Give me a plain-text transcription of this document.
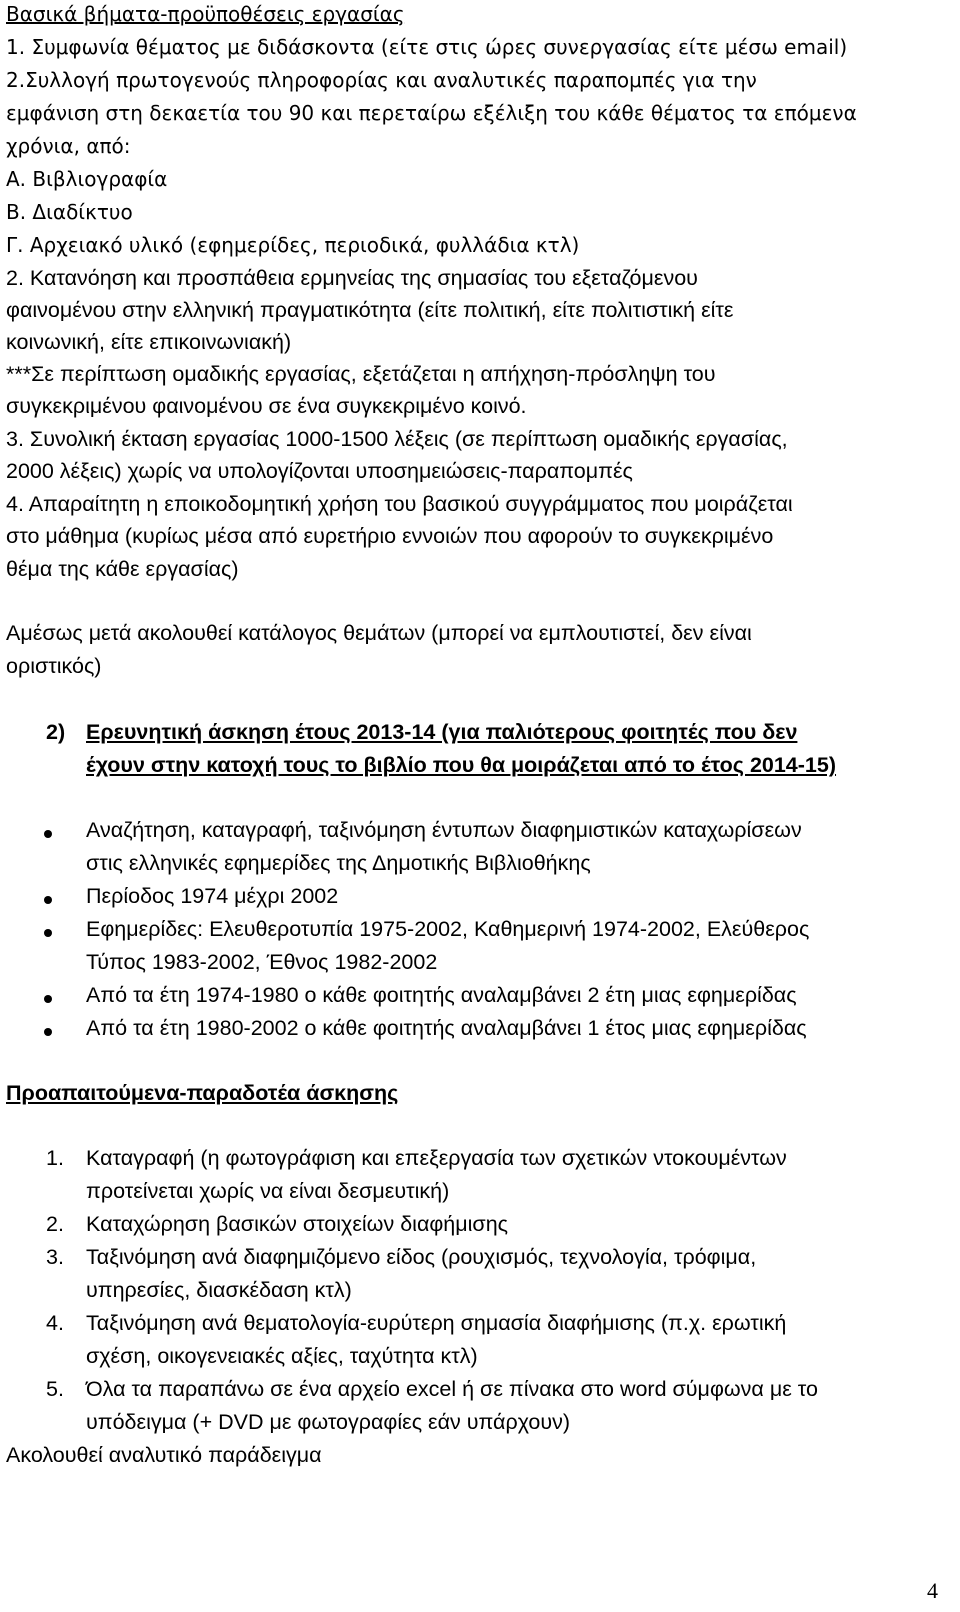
Βασικά βήματα-προϋποθέσεις εργασίας
1. Συμφωνία θέματος με διδάσκοντα (είτε στις ώρες συνεργασίας είτε μέσω email)
2.Συλλογή πρωτογενούς πληροφορίας και αναλυτικές παραπομπές για την
εμφάνιση στη δεκαετία του 90 και περεταίρω εξέλιξη του κάθε θέματος τα επόμενα
χρόνια, από:
Α. Βιβλιογραφία
Β. Διαδίκτυο
Γ. Αρχειακό υλικό (εφημερίδες, περιοδικά, φυλλάδια κτλ)
2. Κατανόηση και προσπάθεια ερμηνείας της σημασίας του εξεταζόμενου
φαινομένου στην ελληνική πραγματικότητα (είτε πολιτική, είτε πολιτιστική είτε
κοινωνική, είτε επικοινωνιακή)
***Σε περίπτωση ομαδικής εργασίας, εξετάζεται η απήχηση-πρόσληψη του
συγκεκριμένου φαινομένου σε ένα συγκεκριμένο κοινό.
3. Συνολική έκταση εργασίας 1000-1500 λέξεις (σε περίπτωση ομαδικής εργασίας,
2000 λέξεις) χωρίς να υπολογίζονται υποσημειώσεις-παραπομπές
4. Απαραίτητη η εποικοδομητική χρήση του βασικού συγγράμματος που μοιράζεται
στο μάθημα (κυρίως μέσα από ευρετήριο εννοιών που αφορούν το συγκεκριμένο
θέμα της κάθε εργασίας)
Αμέσως μετά ακολουθεί κατάλογος θεμάτων (μπορεί να εμπλουτιστεί, δεν είναι
οριστικός)
2) Ερευνητική άσκηση έτους 2013-14 (για παλιότερους φοιτητές που δεν
έχουν στην κατοχή τους το βιβλίο που θα μοιράζεται από το έτος 2014-15)
Αναζήτηση, καταγραφή, ταξινόμηση έντυπων διαφημιστικών καταχωρίσεων
στις ελληνικές εφημερίδες της Δημοτικής Βιβλιοθήκης
Περίοδος 1974 μέχρι 2002
Εφημερίδες: Ελευθεροτυπία 1975-2002, Καθημερινή 1974-2002, Ελεύθερος
Τύπος 1983-2002, Έθνος 1982-2002
Από τα έτη 1974-1980 ο κάθε φοιτητής αναλαμβάνει 2 έτη μιας εφημερίδας
Από τα έτη 1980-2002 ο κάθε φοιτητής αναλαμβάνει 1 έτος μιας εφημερίδας
Προαπαιτούμενα-παραδοτέα άσκησης
1. Καταγραφή (η φωτογράφιση και επεξεργασία των σχετικών ντοκουμέντων
προτείνεται χωρίς να είναι δεσμευτική)
2. Καταχώρηση βασικών στοιχείων διαφήμισης
3. Ταξινόμηση ανά διαφημιζόμενο είδος (ρουχισμός, τεχνολογία, τρόφιμα,
υπηρεσίες, διασκέδαση κτλ)
4. Ταξινόμηση ανά θεματολογία-ευρύτερη σημασία διαφήμισης (π.χ. ερωτική
σχέση, οικογενειακές αξίες, ταχύτητα κτλ)
5. Όλα τα παραπάνω σε ένα αρχείο excel ή σε πίνακα στο word σύμφωνα με το
υπόδειγμα (+ DVD με φωτογραφίες εάν υπάρχουν)
Ακολουθεί αναλυτικό παράδειγμα
4
